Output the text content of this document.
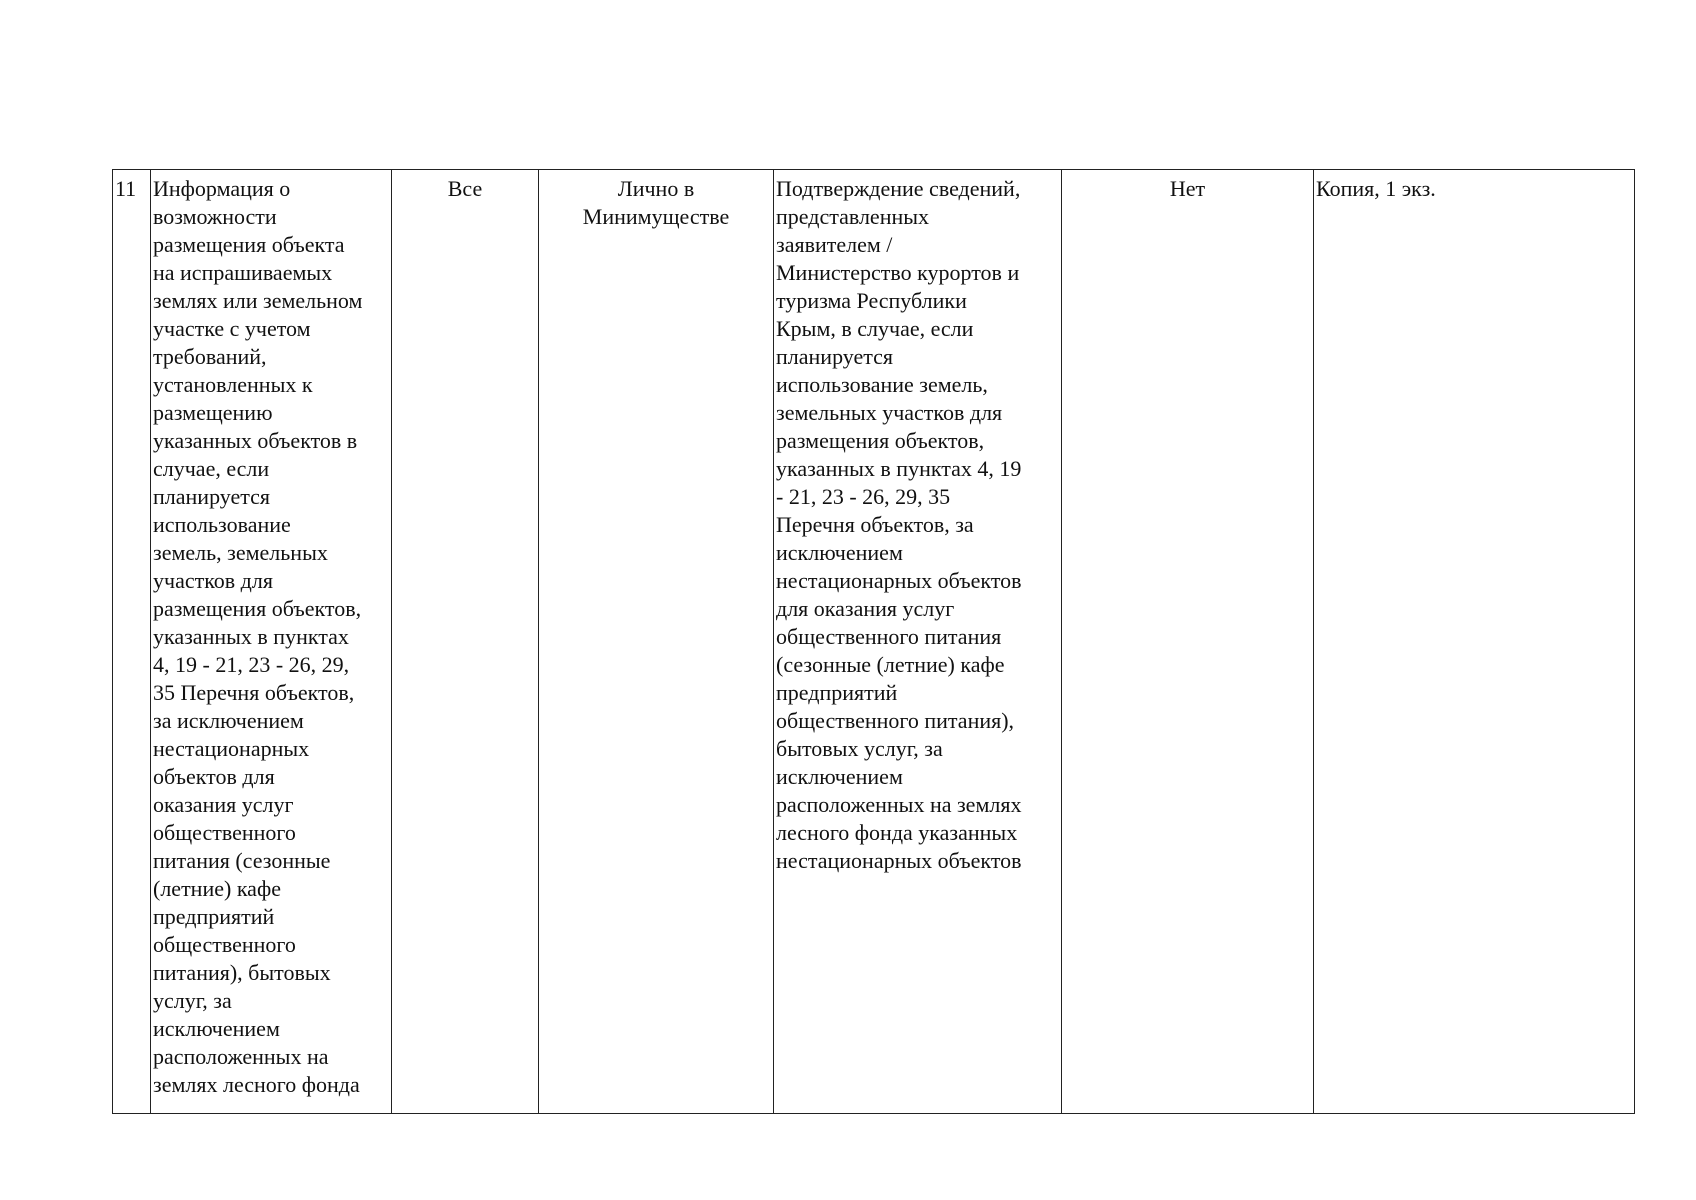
11	Информация о
возможности
размещения объекта
на испрашиваемых
землях или земельном
участке с учетом
требований,
установленных к
размещению
указанных объектов в
случае, если
планируется
использование
земель, земельных
участков для
размещения объектов,
указанных в пунктах
4, 19 - 21, 23 - 26, 29,
35 Перечня объектов,
за исключением
нестационарных
объектов для
оказания услуг
общественного
питания (сезонные
(летние) кафе
предприятий
общественного
питания), бытовых
услуг, за
исключением
расположенных на
землях лесного фонда	Все	Лично в
Минимуществе	Подтверждение сведений,
представленных
заявителем /
Министерство курортов и
туризма Республики
Крым, в случае, если
планируется
использование земель,
земельных участков для
размещения объектов,
указанных в пунктах 4, 19
- 21, 23 - 26, 29, 35
Перечня объектов, за
исключением
нестационарных объектов
для оказания услуг
общественного питания
(сезонные (летние) кафе
предприятий
общественного питания),
бытовых услуг, за
исключением
расположенных на землях
лесного фонда указанных
нестационарных объектов	Нет	Копия, 1 экз.
